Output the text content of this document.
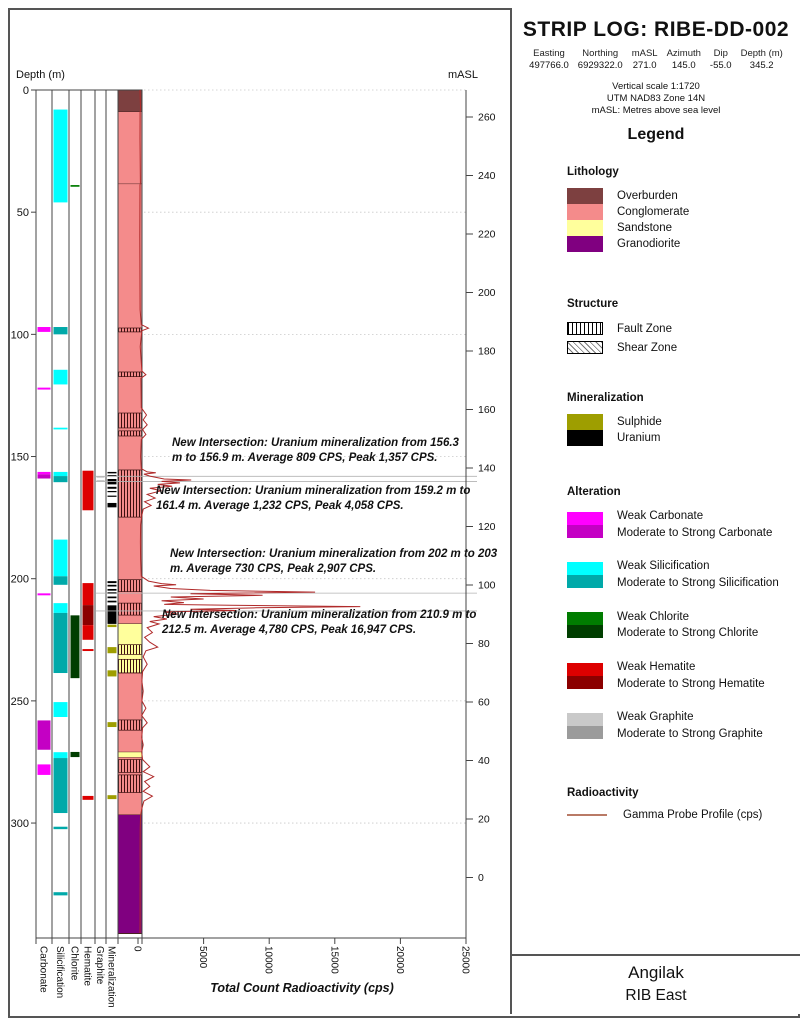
0
50
100
150
200
250
300
Depth (m)	mASL
260
240
220
200
180
160
140
120
100
80
60
40
20
0
Carbonate Silicification Chlorite Hematite Graphite Mineralization 0	5000	10000	15000	20000	25000
Total Count Radioactivity (cps)
New Intersection: Uranium mineralization from 156.3 m to 156.9 m. Average 809 CPS, Peak 1,357 CPS.
New Intersection: Uranium mineralization from 159.2 m to 161.4 m. Average 1,232 CPS, Peak 4,058 CPS.
New Intersection: Uranium mineralization from 202 m to 203 m. Average 730 CPS, Peak 2,907 CPS.
New Intersection: Uranium mineralization from 210.9 m to 212.5 m. Average 4,780 CPS, Peak 16,947 CPS.
STRIP LOG: RIBE-DD-002
Easting
497766.0
Northing
6929322.0
mASL
271.0
Azimuth
145.0
Dip
-55.0
Depth (m)
345.2
Vertical scale 1:1720
UTM NAD83 Zone 14N
mASL: Metres above sea level
Legend
Lithology
Overburden
Conglomerate
Sandstone
Granodiorite
Structure
Fault Zone
Shear Zone
Mineralization
Sulphide
Uranium
Alteration
Weak Carbonate
Moderate to Strong Carbonate
Weak Silicification
Moderate to Strong Silicification
Weak Chlorite
Moderate to Strong Chlorite
Weak Hematite
Moderate to Strong Hematite
Weak Graphite
Moderate to Strong Graphite
Radioactivity
Gamma Probe Profile (cps)
Angilak
RIB East
